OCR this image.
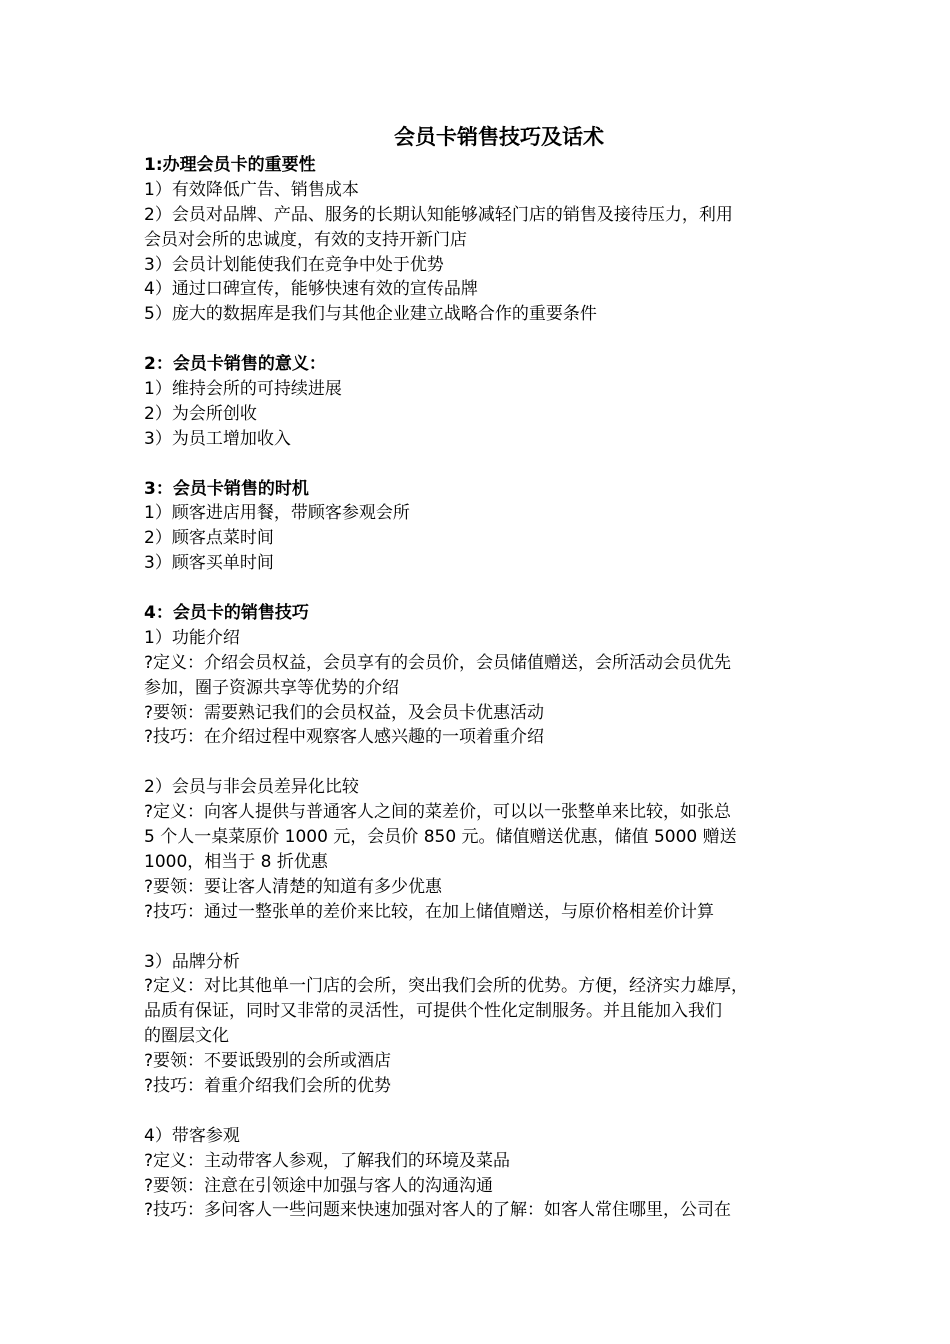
会员卡销售技巧及话术
1:办理会员卡的重要性
1）有效降低广告、销售成本
2）会员对品牌、产品、服务的长期认知能够减轻门店的销售及接待压力，利用
会员对会所的忠诚度，有效的支持开新门店
3）会员计划能使我们在竞争中处于优势
4）通过口碑宣传，能够快速有效的宣传品牌
5）庞大的数据库是我们与其他企业建立战略合作的重要条件
2：会员卡销售的意义：
1）维持会所的可持续进展
2）为会所创收
3）为员工增加收入
3：会员卡销售的时机
1）顾客进店用餐，带顾客参观会所
2）顾客点菜时间
3）顾客买单时间
4：会员卡的销售技巧
1）功能介绍
?定义：介绍会员权益，会员享有的会员价，会员储值赠送，会所活动会员优先
参加，圈子资源共享等优势的介绍
?要领：需要熟记我们的会员权益，及会员卡优惠活动
?技巧：在介绍过程中观察客人感兴趣的一项着重介绍
2）会员与非会员差异化比较
?定义：向客人提供与普通客人之间的菜差价，可以以一张整单来比较，如张总
5 个人一桌菜原价 1000 元，会员价 850 元。储值赠送优惠，储值 5000 赠送
1000，相当于 8 折优惠
?要领：要让客人清楚的知道有多少优惠
?技巧：通过一整张单的差价来比较，在加上储值赠送，与原价格相差价计算
3）品牌分析
?定义：对比其他单一门店的会所，突出我们会所的优势。方便，经济实力雄厚，
品质有保证，同时又非常的灵活性，可提供个性化定制服务。并且能加入我们
的圈层文化
?要领：不要诋毁别的会所或酒店
?技巧：着重介绍我们会所的优势
4）带客参观
?定义：主动带客人参观，了解我们的环境及菜品
?要领：注意在引领途中加强与客人的沟通沟通
?技巧：多问客人一些问题来快速加强对客人的了解：如客人常住哪里，公司在
